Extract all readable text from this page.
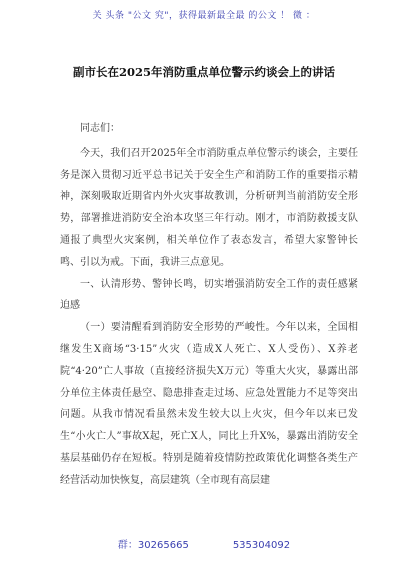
关 头条 "公文 究"，获得最新最全最 的公文 ！ 微 ：
副市长在2025年消防重点单位警示约谈会上的讲话

同志们：

今天，我们召开2025年全市消防重点单位警示约谈会，主要任务是深入贯彻习近平总书记关于安全生产和消防工作的重要指示精神，深刻吸取近期省内外火灾事故教训，分析研判当前消防安全形势，部署推进消防安全治本攻坚三年行动。刚才，市消防救援支队通报了典型火灾案例，相关单位作了表态发言，希望大家警钟长鸣、引以为戒。下面，我讲三点意见。

一、认清形势、警钟长鸣，切实增强消防安全工作的责任感紧迫感

（一）要清醒看到消防安全形势的严峻性。今年以来，全国相继发生X商场“3·15”火灾（造成X人死亡、X人受伤）、X养老院“4·20”亡人事故（直接经济损失X万元）等重大火灾，暴露出部分单位主体责任悬空、隐患排查走过场、应急处置能力不足等突出问题。从我市情况看虽然未发生较大以上火灾，但今年以来已发生“小火亡人”事故X起，死亡X人，同比上升X%，暴露出消防安全基层基础仍存在短板。特别是随着疫情防控政策优化调整各类生产经营活动加快恢复，高层建筑（全市现有高层建

群：30265665	535304092
